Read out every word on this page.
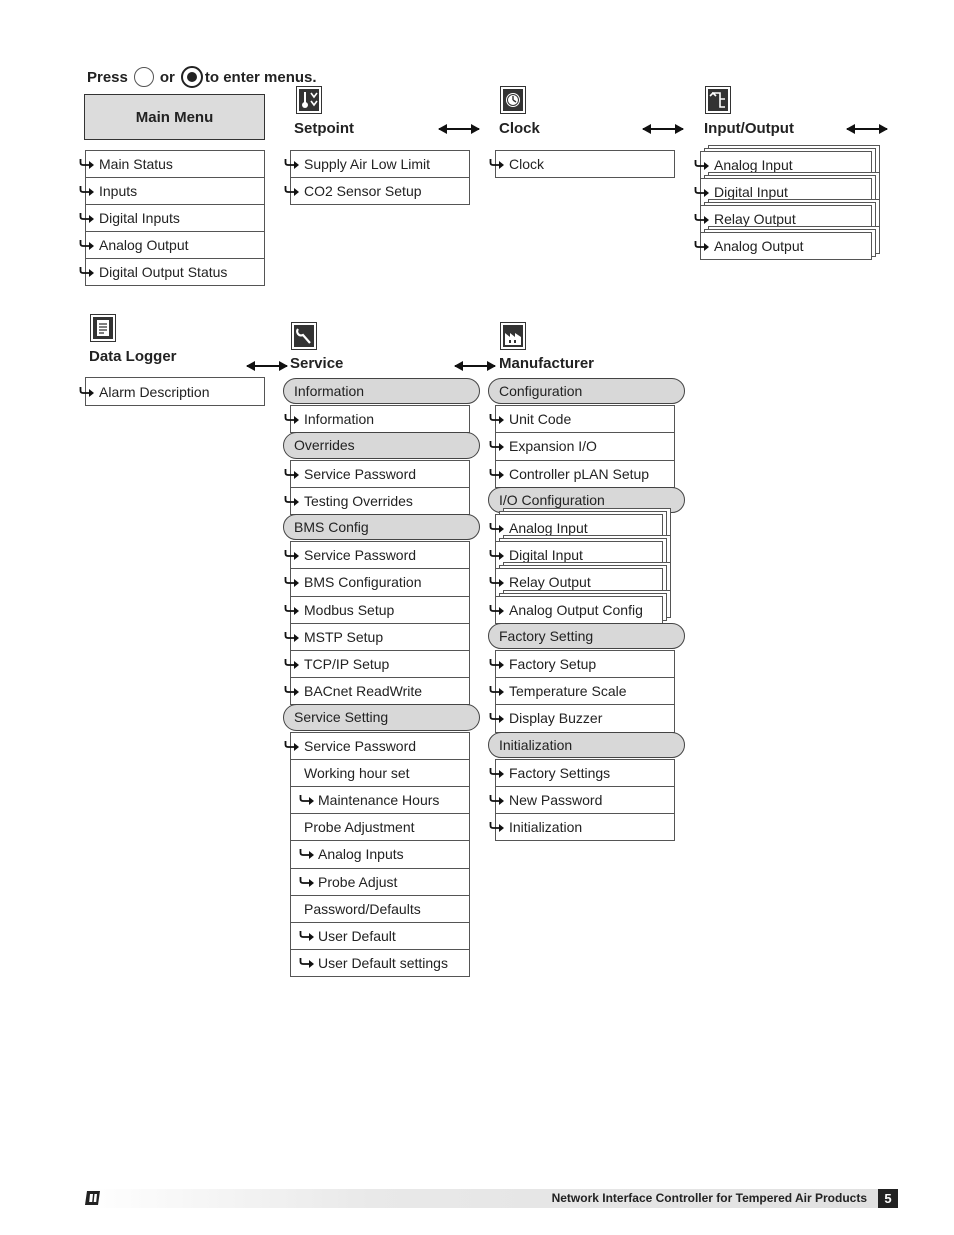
Press or to enter menus.
Main Menu
Setpoint	Clock	Input/Output
Main Status
Inputs
Digital Inputs
Analog Output
Digital Output Status
Supply Air Low Limit
CO2 Sensor Setup
Clock	Analog Input
Digital Input
Relay Output
Analog Output
Data Logger	Service	Manufacturer
Alarm Description	Information
Information
Overrides
Service Password
Testing Overrides
BMS Config
Service Password
BMS Configuration
Modbus Setup
MSTP Setup
TCP/IP Setup
BACnet ReadWrite
Service Setting
Service Password
Working hour set
Maintenance Hours
Probe Adjustment
Analog Inputs
Probe Adjust
Password/Defaults
User Default
User Default settings
Configuration
Unit Code
Expansion I/O
Controller pLAN Setup
I/O Configuration
Analog Input
Digital Input
Relay Output
Analog Output Config
Factory Setting
Factory Setup
Temperature Scale
Display Buzzer
Initialization
Factory Settings
New Password
Initialization
Network Interface Controller for Tempered Air Products	5
